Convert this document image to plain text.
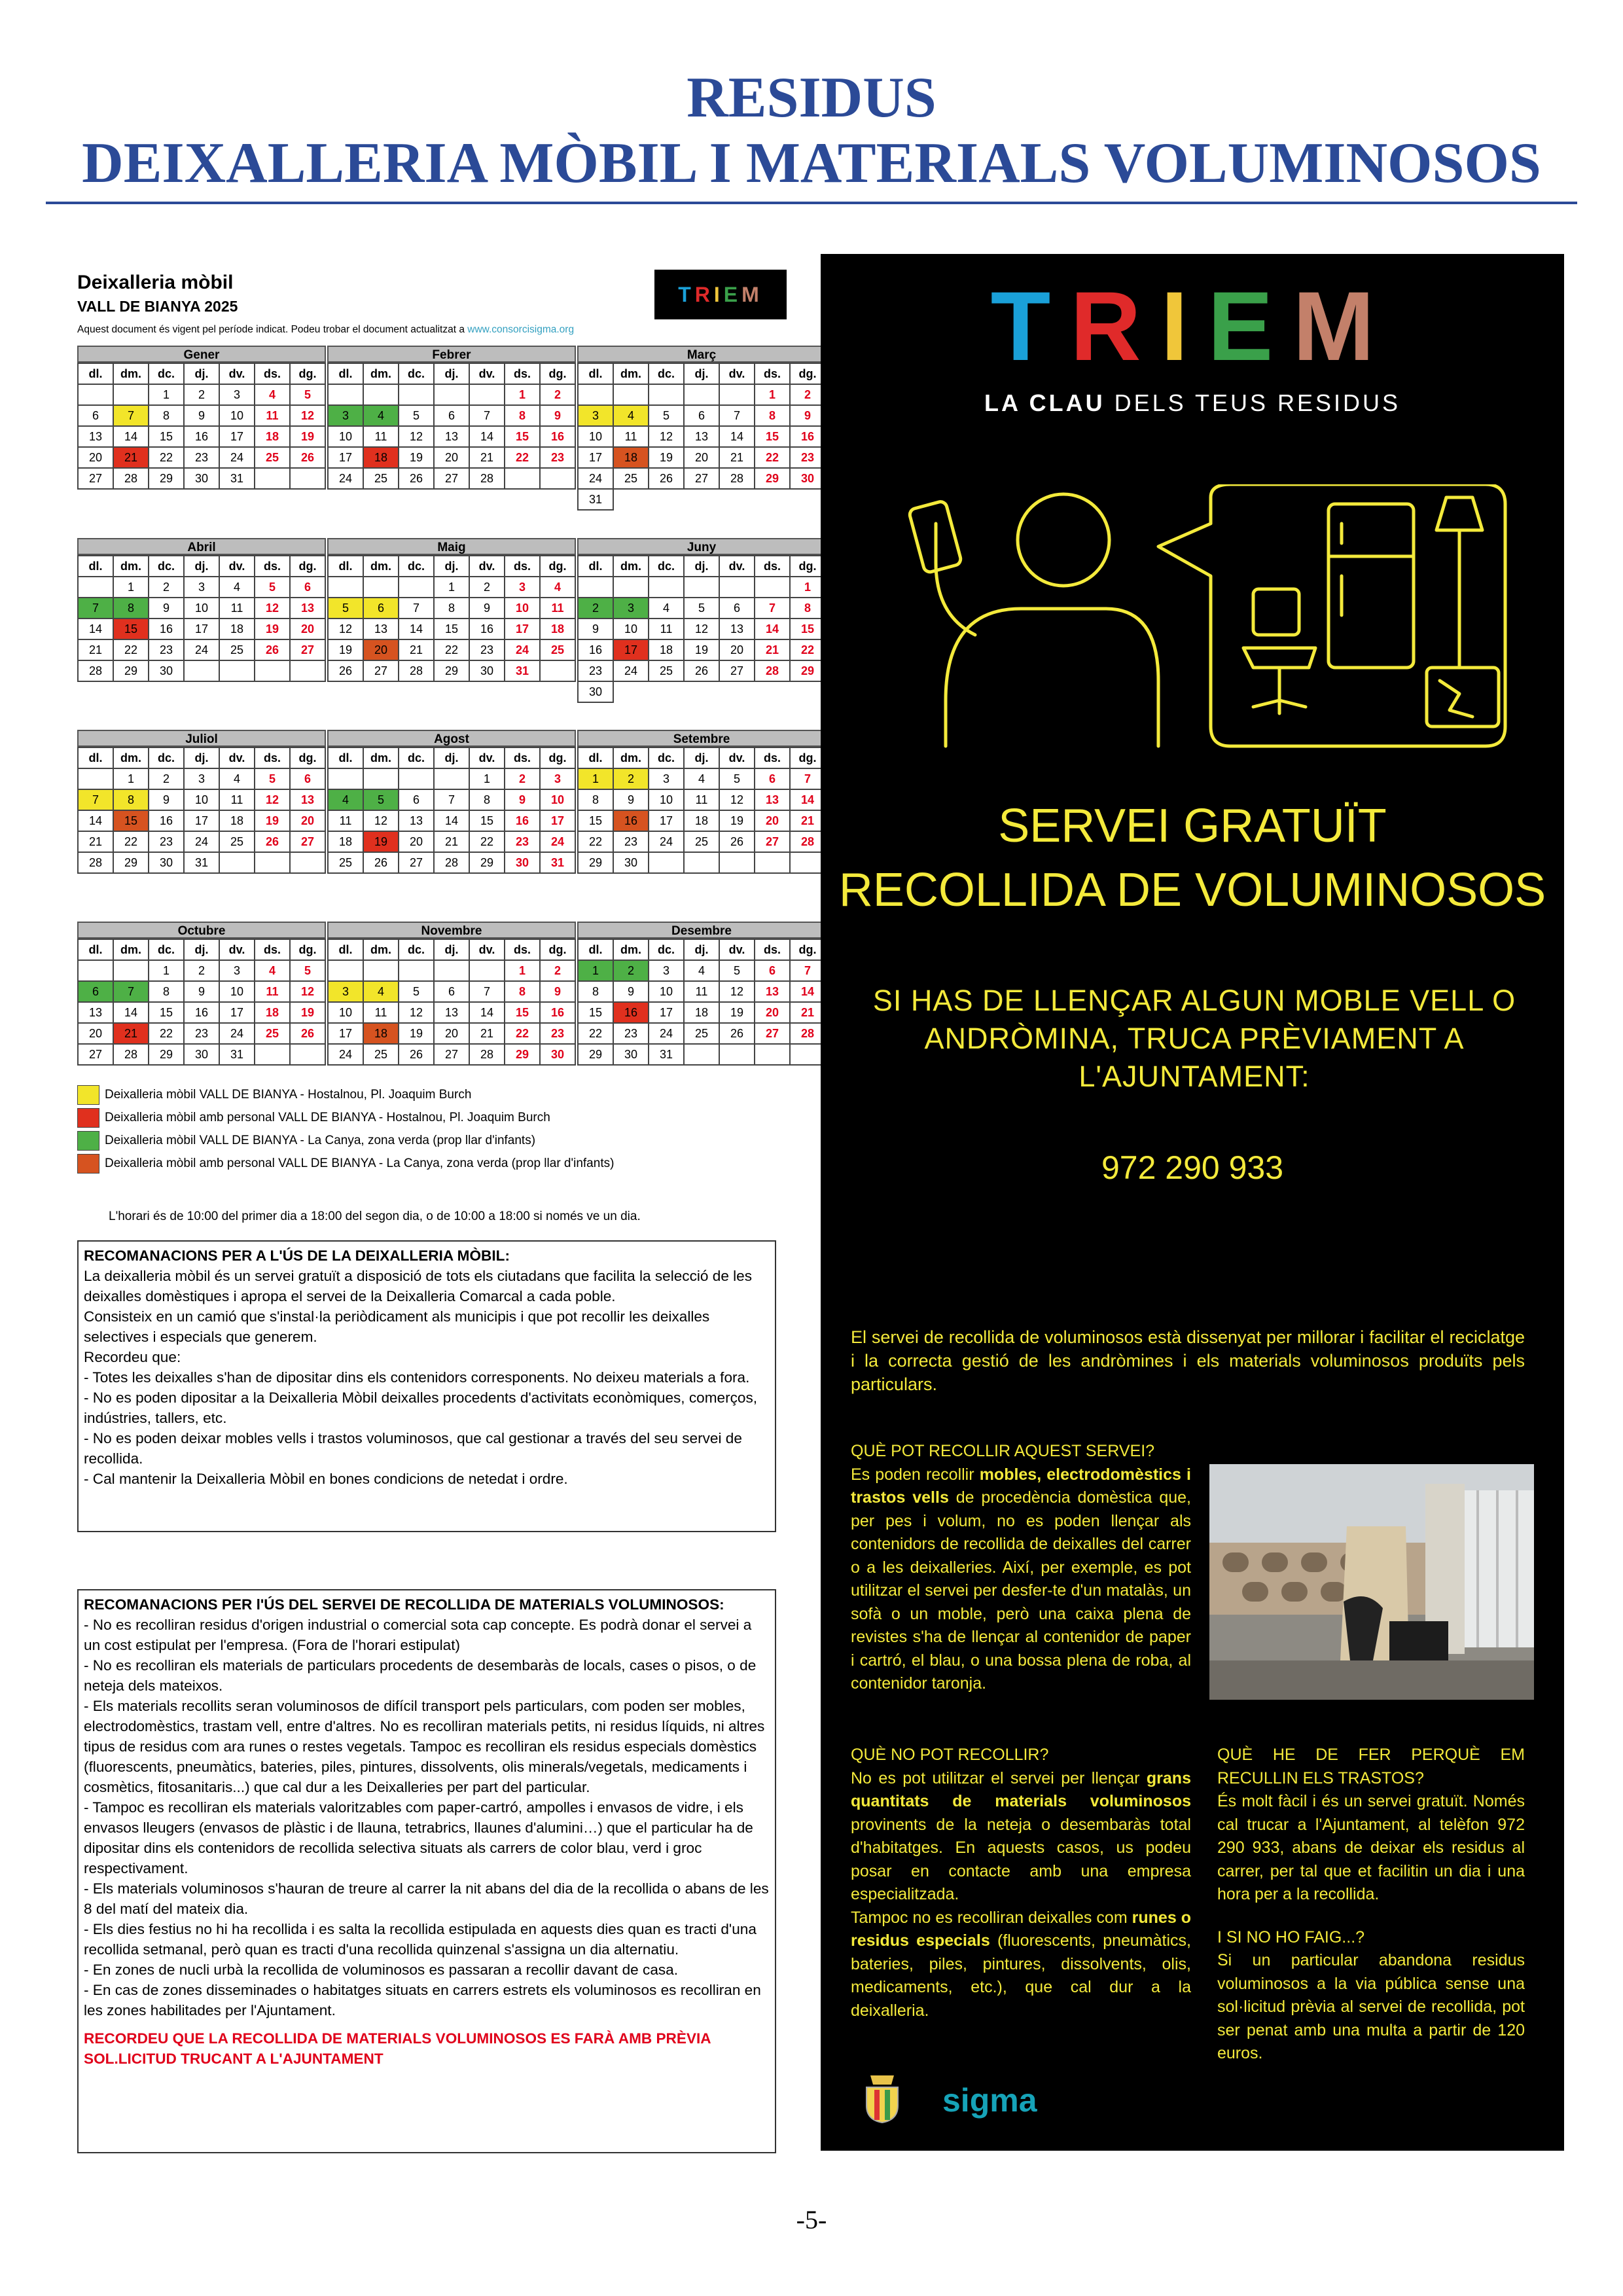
RESIDUS
DEIXALLERIA MÒBIL I MATERIALS VOLUMINOSOS
Deixalleria mòbil
VALL DE BIANYA 2025
Aquest document és vigent pel període indicat. Podeu trobar el document actualitzat a www.consorcisigma.org
T R I E M
Gener
dl.	dm.	dc.	dj.	dv.	ds.	dg.
		1	2	3	4	5
6	7	8	9	10	11	12
13	14	15	16	17	18	19
20	21	22	23	24	25	26
27	28	29	30	31		
Febrer
dl.	dm.	dc.	dj.	dv.	ds.	dg.
					1	2
3	4	5	6	7	8	9
10	11	12	13	14	15	16
17	18	19	20	21	22	23
24	25	26	27	28		
Març
dl.	dm.	dc.	dj.	dv.	ds.	dg.
					1	2
3	4	5	6	7	8	9
10	11	12	13	14	15	16
17	18	19	20	21	22	23
24	25	26	27	28	29	30
31						
Abril
dl.	dm.	dc.	dj.	dv.	ds.	dg.
	1	2	3	4	5	6
7	8	9	10	11	12	13
14	15	16	17	18	19	20
21	22	23	24	25	26	27
28	29	30				
Maig
dl.	dm.	dc.	dj.	dv.	ds.	dg.
			1	2	3	4
5	6	7	8	9	10	11
12	13	14	15	16	17	18
19	20	21	22	23	24	25
26	27	28	29	30	31	
Juny
dl.	dm.	dc.	dj.	dv.	ds.	dg.
						1
2	3	4	5	6	7	8
9	10	11	12	13	14	15
16	17	18	19	20	21	22
23	24	25	26	27	28	29
30						
Juliol
dl.	dm.	dc.	dj.	dv.	ds.	dg.
	1	2	3	4	5	6
7	8	9	10	11	12	13
14	15	16	17	18	19	20
21	22	23	24	25	26	27
28	29	30	31			
Agost
dl.	dm.	dc.	dj.	dv.	ds.	dg.
				1	2	3
4	5	6	7	8	9	10
11	12	13	14	15	16	17
18	19	20	21	22	23	24
25	26	27	28	29	30	31
Setembre
dl.	dm.	dc.	dj.	dv.	ds.	dg.
1	2	3	4	5	6	7
8	9	10	11	12	13	14
15	16	17	18	19	20	21
22	23	24	25	26	27	28
29	30					
Octubre
dl.	dm.	dc.	dj.	dv.	ds.	dg.
		1	2	3	4	5
6	7	8	9	10	11	12
13	14	15	16	17	18	19
20	21	22	23	24	25	26
27	28	29	30	31		
Novembre
dl.	dm.	dc.	dj.	dv.	ds.	dg.
					1	2
3	4	5	6	7	8	9
10	11	12	13	14	15	16
17	18	19	20	21	22	23
24	25	26	27	28	29	30
Desembre
dl.	dm.	dc.	dj.	dv.	ds.	dg.
1	2	3	4	5	6	7
8	9	10	11	12	13	14
15	16	17	18	19	20	21
22	23	24	25	26	27	28
29	30	31				
Deixalleria mòbil VALL DE BIANYA - Hostalnou, Pl. Joaquim Burch
Deixalleria mòbil amb personal VALL DE BIANYA - Hostalnou, Pl. Joaquim Burch
Deixalleria mòbil VALL DE BIANYA - La Canya, zona verda (prop llar d'infants)
Deixalleria mòbil amb personal VALL DE BIANYA - La Canya, zona verda (prop llar d'infants)
L'horari és de 10:00 del primer dia a 18:00 del segon dia, o de 10:00 a 18:00 si només ve un dia.
RECOMANACIONS PER A L'ÚS DE LA DEIXALLERIA MÒBIL:

La deixalleria mòbil és un servei gratuït a disposició de tots els ciutadans que facilita la selecció de les deixalles domèstiques i apropa el servei de la Deixalleria Comarcal a cada poble.

Consisteix en un camió que s'instal·la periòdicament als municipis i que pot recollir les deixalles selectives i especials que generem.

Recordeu que:

- Totes les deixalles s'han de dipositar dins els contenidors corresponents. No deixeu materials a fora.

- No es poden dipositar a la Deixalleria Mòbil deixalles procedents d'activitats econòmiques, comerços, indústries, tallers, etc.

- No es poden deixar mobles vells i trastos voluminosos, que cal gestionar a través del seu servei de recollida.

- Cal mantenir la Deixalleria Mòbil en bones condicions de netedat i ordre.

RECOMANACIONS PER l'ÚS DEL SERVEI DE RECOLLIDA DE MATERIALS VOLUMINOSOS:

- No es recolliran residus d'origen industrial o comercial sota cap concepte. Es podrà donar el servei a un cost estipulat per l'empresa. (Fora de l'horari estipulat)

- No es recolliran els materials de particulars procedents de desembaràs de locals, cases o pisos, o de neteja dels mateixos.

- Els materials recollits seran voluminosos de difícil transport pels particulars, com poden ser mobles, electrodomèstics, trastam vell, entre d'altres. No es recolliran materials petits, ni residus líquids, ni altres tipus de residus com ara runes o restes vegetals. Tampoc es recolliran els residus especials domèstics (fluorescents, pneumàtics, bateries, piles, pintures, dissolvents, olis minerals/vegetals, medicaments i cosmètics, fitosanitaris...) que cal dur a les Deixalleries per part del particular.

- Tampoc es recolliran els materials valoritzables com paper-cartró, ampolles i envasos de vidre, i els envasos lleugers (envasos de plàstic i de llauna, tetrabrics, llaunes d'alumini…) que el particular ha de dipositar dins els contenidors de recollida selectiva situats als carrers de color blau, verd i groc respectivament.

- Els materials voluminosos s'hauran de treure al carrer la nit abans del dia de la recollida o abans de les 8 del matí del mateix dia.

- Els dies festius no hi ha recollida i es salta la recollida estipulada en aquests dies quan es tracti d'una recollida setmanal, però quan es tracti d'una recollida quinzenal s'assigna un dia alternatiu.

- En zones de nucli urbà la recollida de voluminosos es passaran a recollir davant de casa.

- En cas de zones disseminades o habitatges situats en carrers estrets els voluminosos es recolliran en les zones habilitades per l'Ajuntament.

RECORDEU QUE LA RECOLLIDA DE MATERIALS VOLUMINOSOS ES FARÀ AMB PRÈVIA SOL.LICITUD TRUCANT A L'AJUNTAMENT
TRIEM
LA CLAU DELS TEUS RESIDUS
SERVEI GRATUÏT
RECOLLIDA DE VOLUMINOSOS
SI HAS DE LLENÇAR ALGUN MOBLE VELL O ANDRÒMINA, TRUCA PRÈVIAMENT A L'AJUNTAMENT:
972 290 933
El servei de recollida de voluminosos està dissenyat per millorar i facilitar el reciclatge i la correcta gestió de les andròmines i els materials voluminosos produïts pels particulars.
QUÈ POT RECOLLIR AQUEST SERVEI?
Es poden recollir mobles, electrodomèstics i trastos vells de procedència domèstica que, per pes i volum, no es poden llençar als contenidors de recollida de deixalles del carrer o a les deixalleries. Així, per exemple, es pot utilitzar el servei per desfer-te d'un matalàs, un sofà o un moble, però una caixa plena de revistes s'ha de llençar al contenidor de paper i cartró, el blau, o una bossa plena de roba, al contenidor taronja.
QUÈ NO POT RECOLLIR?
No es pot utilitzar el servei per llençar grans quantitats de materials voluminosos provinents de la neteja o desembaràs total d'habitatges. En aquests casos, us podeu posar en contacte amb una empresa especialitzada.
Tampoc no es recolliran deixalles com runes o residus especials (fluorescents, pneumàtics, bateries, piles, pintures, dissolvents, olis, medicaments, etc.), que cal dur a la deixalleria.
QUÈ HE DE FER PERQUÈ EM RECULLIN ELS TRASTOS?
És molt fàcil i és un servei gratuït. Només cal trucar a l'Ajuntament, al telèfon 972 290 933, abans de deixar els residus al carrer, per tal que et facilitin un dia i una hora per a la recollida.
I SI NO HO FAIG...?
Si un particular abandona residus voluminosos a la via pública sense una sol·licitud prèvia al servei de recollida, pot ser penat amb una multa a partir de 120 euros.
sigma
-5-
